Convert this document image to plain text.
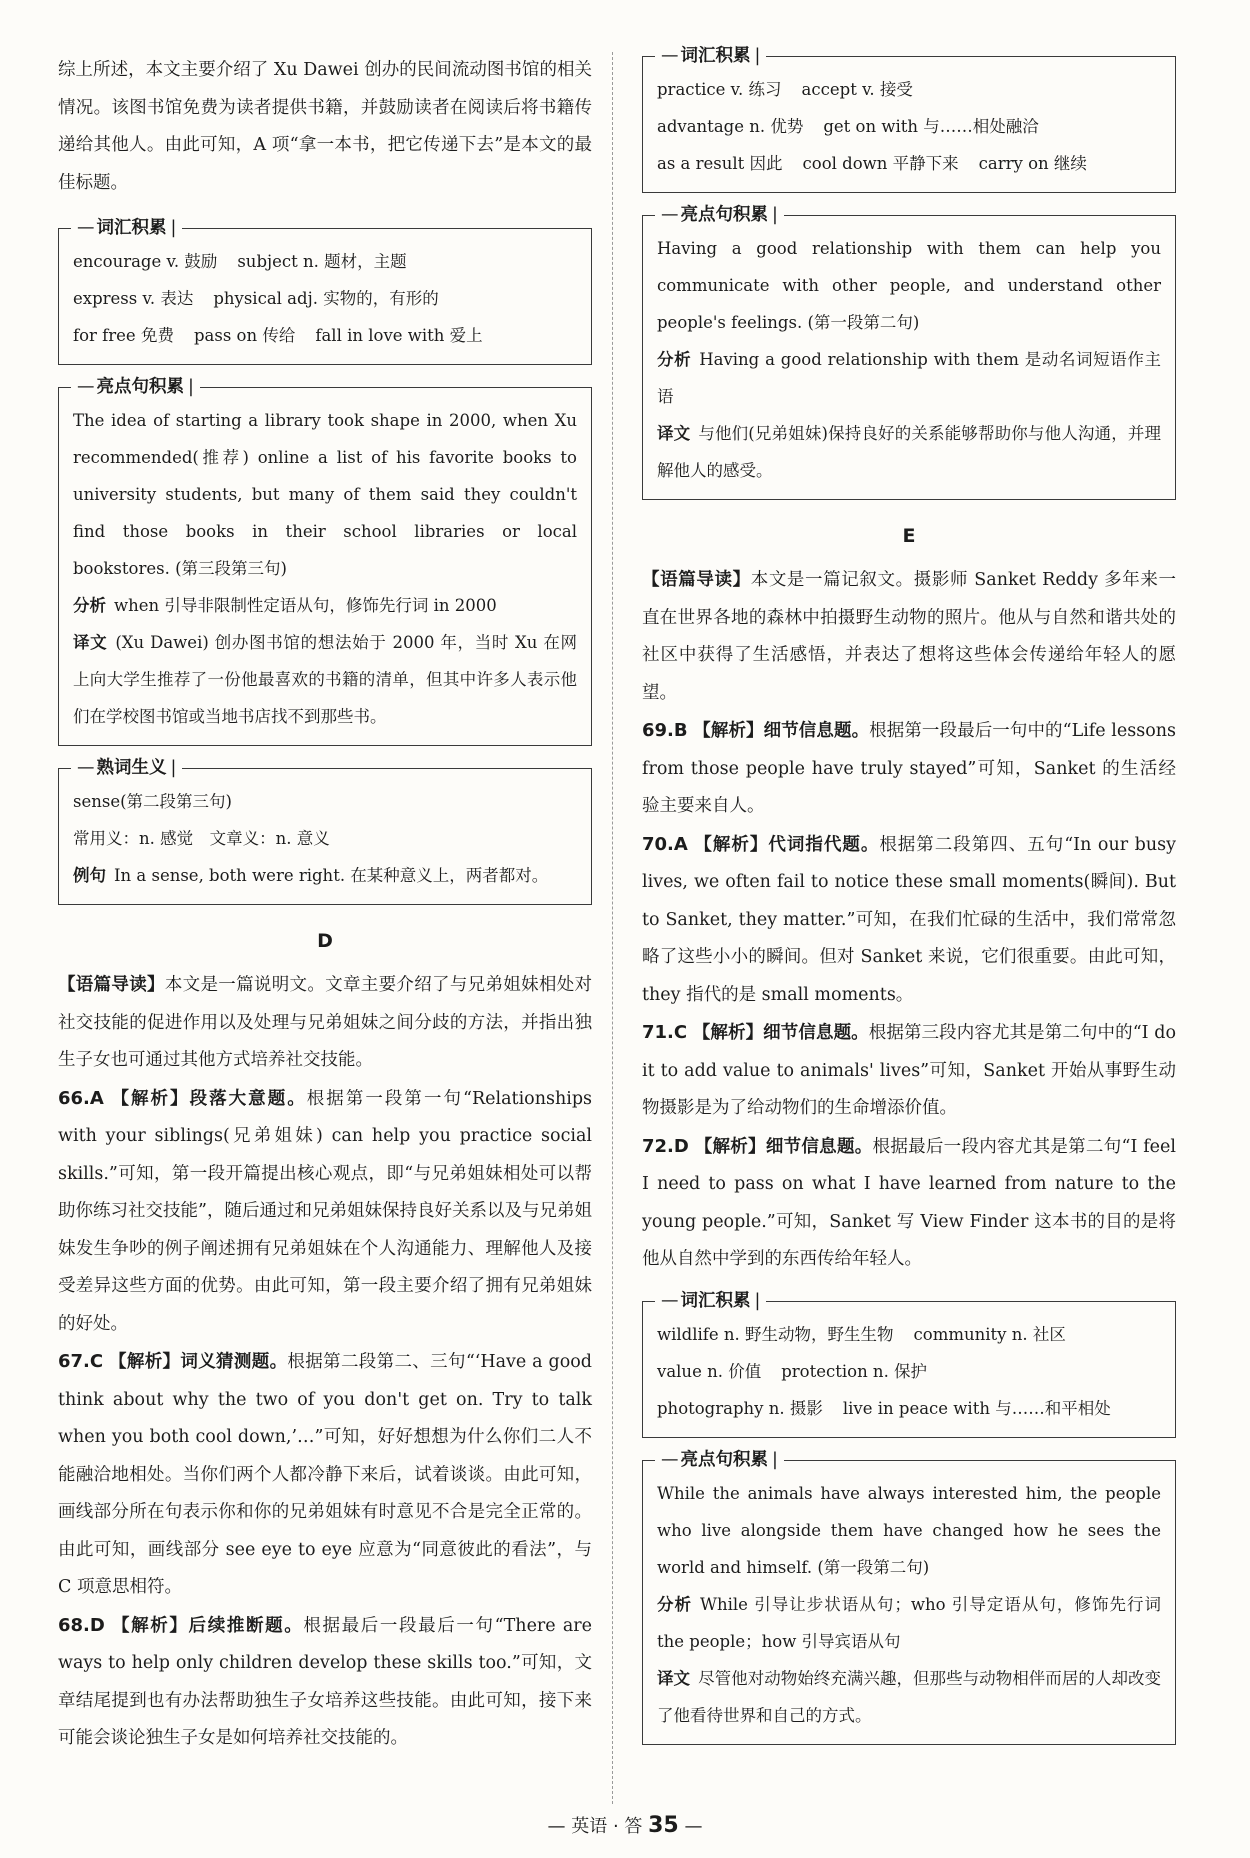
综上所述，本文主要介绍了 Xu Dawei 创办的民间流动图书馆的相关情况。该图书馆免费为读者提供书籍，并鼓励读者在阅读后将书籍传递给其他人。由此可知，A 项“拿一本书，把它传递下去”是本文的最佳标题。

— 词汇积累 |
encourage v. 鼓励 subject n. 题材，主题
express v. 表达 physical adj. 实物的，有形的
for free 免费 pass on 传给 fall in love with 爱上
— 亮点句积累 |
The idea of starting a library took shape in 2000, when Xu recommended(推荐) online a list of his favorite books to university students, but many of them said they couldn't find those books in their school libraries or local bookstores. (第三段第三句)
分析 when 引导非限制性定语从句，修饰先行词 in 2000
译文 (Xu Dawei) 创办图书馆的想法始于 2000 年，当时 Xu 在网上向大学生推荐了一份他最喜欢的书籍的清单，但其中许多人表示他们在学校图书馆或当地书店找不到那些书。
— 熟词生义 |
sense(第二段第三句)
常用义：n. 感觉　文章义：n. 意义
例句 In a sense, both were right. 在某种意义上，两者都对。
D

【语篇导读】本文是一篇说明文。文章主要介绍了与兄弟姐妹相处对社交技能的促进作用以及处理与兄弟姐妹之间分歧的方法，并指出独生子女也可通过其他方式培养社交技能。

66.A 【解析】段落大意题。根据第一段第一句“Relationships with your siblings(兄弟姐妹) can help you practice social skills.”可知，第一段开篇提出核心观点，即“与兄弟姐妹相处可以帮助你练习社交技能”，随后通过和兄弟姐妹保持良好关系以及与兄弟姐妹发生争吵的例子阐述拥有兄弟姐妹在个人沟通能力、理解他人及接受差异这些方面的优势。由此可知，第一段主要介绍了拥有兄弟姐妹的好处。

67.C 【解析】词义猜测题。根据第二段第二、三句“‘Have a good think about why the two of you don't get on. Try to talk when you both cool down,’…”可知，好好想想为什么你们二人不能融洽地相处。当你们两个人都冷静下来后，试着谈谈。由此可知，画线部分所在句表示你和你的兄弟姐妹有时意见不合是完全正常的。由此可知，画线部分 see eye to eye 应意为“同意彼此的看法”，与 C 项意思相符。

68.D 【解析】后续推断题。根据最后一段最后一句“There are ways to help only children develop these skills too.”可知，文章结尾提到也有办法帮助独生子女培养这些技能。由此可知，接下来可能会谈论独生子女是如何培养社交技能的。

— 词汇积累 |
practice v. 练习 accept v. 接受
advantage n. 优势 get on with 与……相处融洽
as a result 因此 cool down 平静下来 carry on 继续
— 亮点句积累 |
Having a good relationship with them can help you communicate with other people, and understand other people's feelings. (第一段第二句)
分析 Having a good relationship with them 是动名词短语作主语
译文 与他们(兄弟姐妹)保持良好的关系能够帮助你与他人沟通，并理解他人的感受。
E

【语篇导读】本文是一篇记叙文。摄影师 Sanket Reddy 多年来一直在世界各地的森林中拍摄野生动物的照片。他从与自然和谐共处的社区中获得了生活感悟，并表达了想将这些体会传递给年轻人的愿望。

69.B 【解析】细节信息题。根据第一段最后一句中的“Life lessons from those people have truly stayed”可知，Sanket 的生活经验主要来自人。

70.A 【解析】代词指代题。根据第二段第四、五句“In our busy lives, we often fail to notice these small moments(瞬间). But to Sanket, they matter.”可知，在我们忙碌的生活中，我们常常忽略了这些小小的瞬间。但对 Sanket 来说，它们很重要。由此可知，they 指代的是 small moments。

71.C 【解析】细节信息题。根据第三段内容尤其是第二句中的“I do it to add value to animals' lives”可知，Sanket 开始从事野生动物摄影是为了给动物们的生命增添价值。

72.D 【解析】细节信息题。根据最后一段内容尤其是第二句“I feel I need to pass on what I have learned from nature to the young people.”可知，Sanket 写 View Finder 这本书的目的是将他从自然中学到的东西传给年轻人。

— 词汇积累 |
wildlife n. 野生动物，野生生物 community n. 社区
value n. 价值 protection n. 保护
photography n. 摄影 live in peace with 与……和平相处
— 亮点句积累 |
While the animals have always interested him, the people who live alongside them have changed how he sees the world and himself. (第一段第二句)
分析 While 引导让步状语从句；who 引导定语从句，修饰先行词 the people；how 引导宾语从句
译文 尽管他对动物始终充满兴趣，但那些与动物相伴而居的人却改变了他看待世界和自己的方式。
— 英语 · 答 35 —
